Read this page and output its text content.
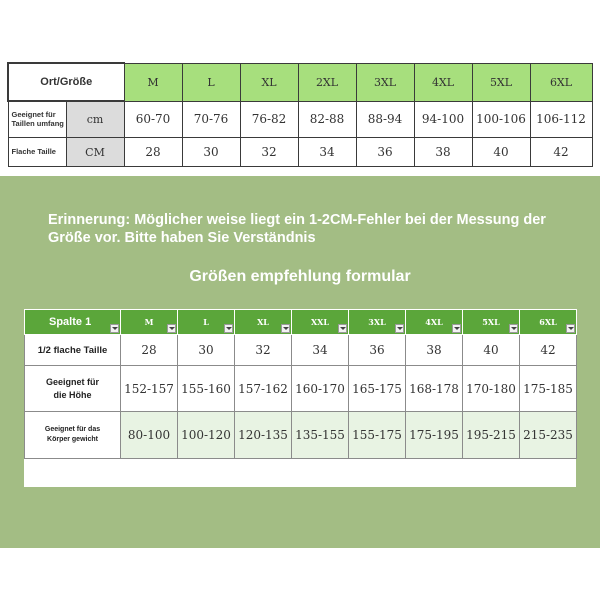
Ort/Größe		M	L	XL	2XL	3XL	4XL	5XL	6XL
Geeignet für Taillen umfang	cm	60-70	70-76	76-82	82-88	88-94	94-100	100-106	106-112
Flache Taille	CM	28	30	32	34	36	38	40	42

Erinnerung: Möglicher weise liegt ein 1-2CM-Fehler bei der Messung der Größe vor. Bitte haben Sie Verständnis

Größen empfehlung formular

Spalte 1	M	L	XL	XXL	3XL	4XL	5XL	6XL

1/2 flache Taille	28	30	32	34	36	38	40	42
Geeignet für die Höhe	152-157	155-160	157-162	160-170	165-175	168-178	170-180	175-185
Geeignet für das Körper gewicht	80-100	100-120	120-135	135-155	155-175	175-195	195-215	215-235
